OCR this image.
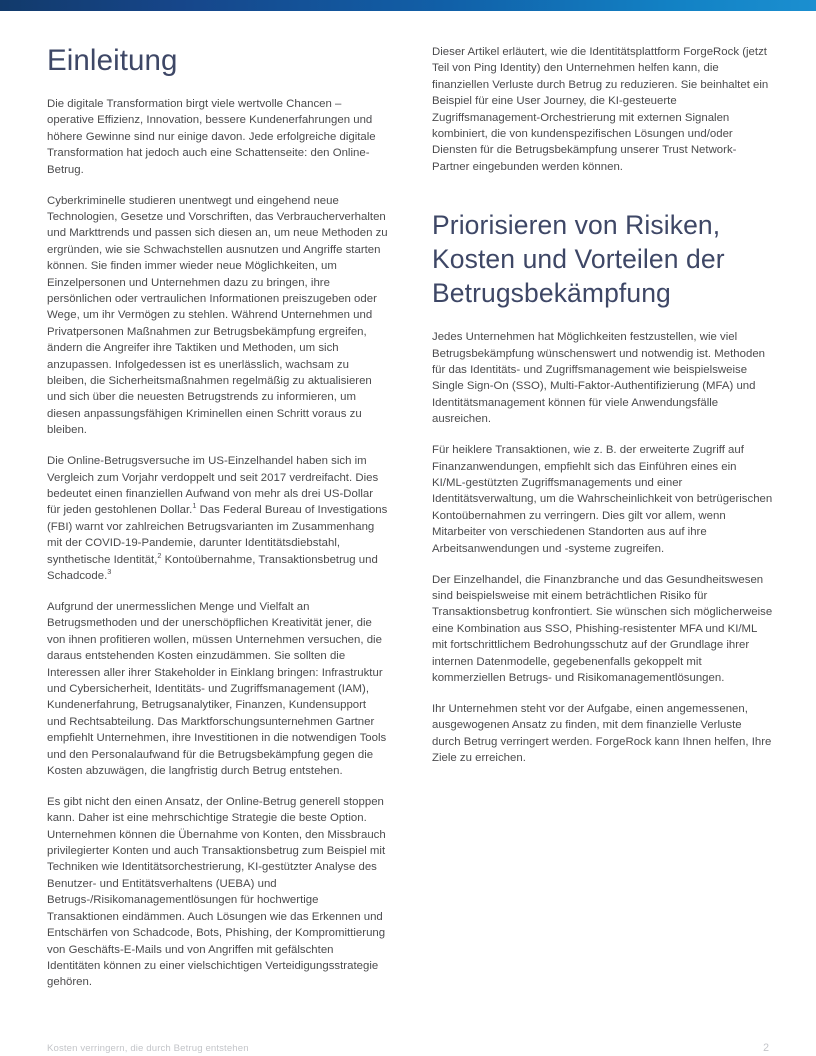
Einleitung

Die digitale Transformation birgt viele wertvolle Chancen – operative Effizienz, Innovation, bessere Kundenerfahrungen und höhere Gewinne sind nur einige davon. Jede erfolgreiche digitale Transformation hat jedoch auch eine Schattenseite: den Online-Betrug.

Cyberkriminelle studieren unentwegt und eingehend neue Technologien, Gesetze und Vorschriften, das Verbraucherverhalten und Markttrends und passen sich diesen an, um neue Methoden zu ergründen, wie sie Schwachstellen ausnutzen und Angriffe starten können. Sie finden immer wieder neue Möglichkeiten, um Einzelpersonen und Unternehmen dazu zu bringen, ihre persönlichen oder vertraulichen Informationen preiszugeben oder Wege, um ihr Vermögen zu stehlen. Während Unternehmen und Privatpersonen Maßnahmen zur Betrugsbekämpfung ergreifen, ändern die Angreifer ihre Taktiken und Methoden, um sich anzupassen. Infolgedessen ist es unerlässlich, wachsam zu bleiben, die Sicherheitsmaßnahmen regelmäßig zu aktualisieren und sich über die neuesten Betrugstrends zu informieren, um diesen anpassungsfähigen Kriminellen einen Schritt voraus zu bleiben.

Die Online-Betrugsversuche im US-Einzelhandel haben sich im Vergleich zum Vorjahr verdoppelt und seit 2017 verdreifacht. Dies bedeutet einen finanziellen Aufwand von mehr als drei US-Dollar für jeden gestohlenen Dollar.$^1$ Das Federal Bureau of Investigations (FBI) warnt vor zahlreichen Betrugsvarianten im Zusammenhang mit der COVID-19-Pandemie, darunter Identitätsdiebstahl, synthetische Identität,$^2$ Kontoübernahme, Transaktionsbetrug und Schadcode.$^3$

Aufgrund der unermesslichen Menge und Vielfalt an Betrugsmethoden und der unerschöpflichen Kreativität jener, die von ihnen profitieren wollen, müssen Unternehmen versuchen, die daraus entstehenden Kosten einzudämmen. Sie sollten die Interessen aller ihrer Stakeholder in Einklang bringen: Infrastruktur und Cybersicherheit, Identitäts- und Zugriffsmanagement (IAM), Kundenerfahrung, Betrugsanalytiker, Finanzen, Kundensupport und Rechtsabteilung. Das Marktforschungsunternehmen Gartner empfiehlt Unternehmen, ihre Investitionen in die notwendigen Tools und den Personalaufwand für die Betrugsbekämpfung gegen die Kosten abzuwägen, die langfristig durch Betrug entstehen.

Es gibt nicht den einen Ansatz, der Online-Betrug generell stoppen kann. Daher ist eine mehrschichtige Strategie die beste Option. Unternehmen können die Übernahme von Konten, den Missbrauch privilegierter Konten und auch Transaktionsbetrug zum Beispiel mit Techniken wie Identitätsorchestrierung, KI-gestützter Analyse des Benutzer- und Entitätsverhaltens (UEBA) und Betrugs-/Risikomanagementlösungen für hochwertige Transaktionen eindämmen. Auch Lösungen wie das Erkennen und Entschärfen von Schadcode, Bots, Phishing, der Kompromittierung von Geschäfts-E-Mails und von Angriffen mit gefälschten Identitäten können zu einer vielschichtigen Verteidigungsstrategie gehören.

Dieser Artikel erläutert, wie die Identitätsplattform ForgeRock (jetzt Teil von Ping Identity) den Unternehmen helfen kann, die finanziellen Verluste durch Betrug zu reduzieren. Sie beinhaltet ein Beispiel für eine User Journey, die KI-gesteuerte Zugriffsmanagement-Orchestrierung mit externen Signalen kombiniert, die von kundenspezifischen Lösungen und/oder Diensten für die Betrugsbekämpfung unserer Trust Network-Partner eingebunden werden können.

Priorisieren von Risiken, Kosten und Vorteilen der Betrugsbekämpfung

Jedes Unternehmen hat Möglichkeiten festzustellen, wie viel Betrugsbekämpfung wünschenswert und notwendig ist. Methoden für das Identitäts- und Zugriffsmanagement wie beispielsweise Single Sign-On (SSO), Multi-Faktor-Authentifizierung (MFA) und Identitätsmanagement können für viele Anwendungsfälle ausreichen.

Für heiklere Transaktionen, wie z. B. der erweiterte Zugriff auf Finanzanwendungen, empfiehlt sich das Einführen eines ein KI/ML-gestützten Zugriffsmanagements und einer Identitätsverwaltung, um die Wahrscheinlichkeit von betrügerischen Kontoübernahmen zu verringern. Dies gilt vor allem, wenn Mitarbeiter von verschiedenen Standorten aus auf ihre Arbeitsanwendungen und -systeme zugreifen.

Der Einzelhandel, die Finanzbranche und das Gesundheitswesen sind beispielsweise mit einem beträchtlichen Risiko für Transaktionsbetrug konfrontiert. Sie wünschen sich möglicherweise eine Kombination aus SSO, Phishing-resistenter MFA und KI/ML mit fortschrittlichem Bedrohungsschutz auf der Grundlage ihrer internen Datenmodelle, gegebenenfalls gekoppelt mit kommerziellen Betrugs- und Risikomanagementlösungen.

Ihr Unternehmen steht vor der Aufgabe, einen angemessenen, ausgewogenen Ansatz zu finden, mit dem finanzielle Verluste durch Betrug verringert werden. ForgeRock kann Ihnen helfen, Ihre Ziele zu erreichen.

Kosten verringern, die durch Betrug entstehen	2
